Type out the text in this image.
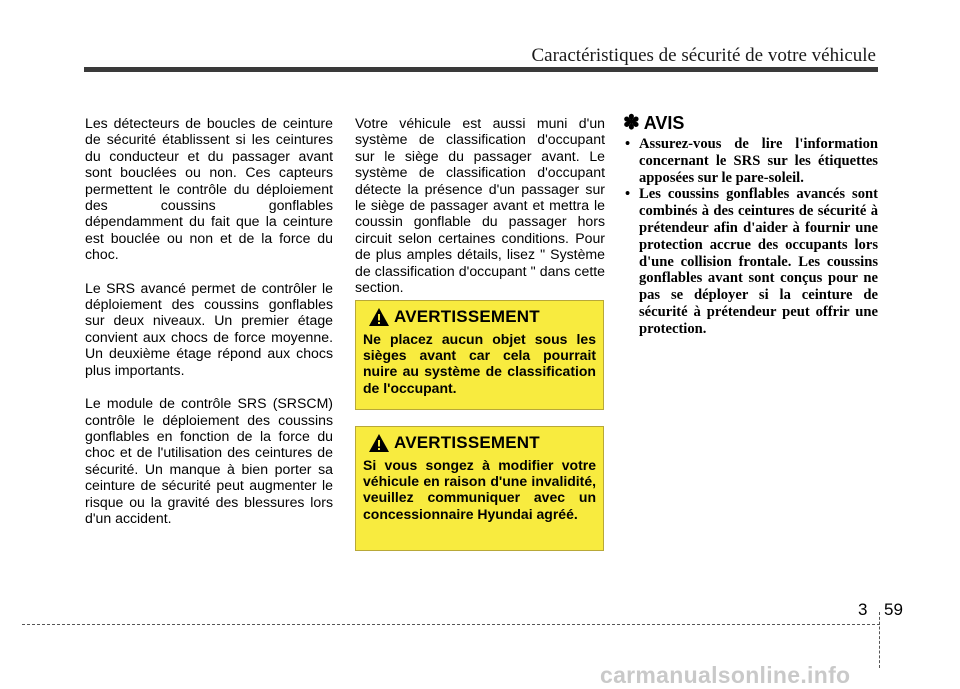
Caractéristiques de sécurité de votre véhicule

Les détecteurs de boucles de ceinture de sécurité établissent si les ceintures du conducteur et du passager avant sont bouclées ou non. Ces capteurs permettent le contrôle du déploiement des coussins gonflables dépendamment du fait que la ceinture est bouclée ou non et de la force du choc.

Le SRS avancé permet de contrôler le déploiement des coussins gonflables sur deux niveaux. Un premier étage convient aux chocs de force moyenne. Un deuxième étage répond aux chocs plus importants.

Le module de contrôle SRS (SRSCM) contrôle le déploiement des coussins gonflables en fonction de la force du choc et de l'utilisation des ceintures de sécurité. Un manque à bien porter sa ceinture de sécurité peut augmenter le risque ou la gravité des blessures lors d'un accident.

Votre véhicule est aussi muni d'un système de classification d'occupant sur le siège du passager avant. Le système de classification d'occupant détecte la présence d'un passager sur le siège de passager avant et mettra le coussin gonflable du passager hors circuit selon certaines conditions. Pour de plus amples détails, lisez " Système de classification d'occupant " dans cette section.

AVERTISSEMENT
Ne placez aucun objet sous les sièges avant car cela pourrait nuire au système de classification de l'occupant.
AVERTISSEMENT
Si vous songez à modifier votre véhicule en raison d'une invalidité, veuillez communiquer avec un concessionnaire Hyundai agréé.
✽ AVIS
• Assurez-vous de lire l'information concernant le SRS sur les étiquettes apposées sur le pare-soleil.
• Les coussins gonflables avancés sont combinés à des ceintures de sécurité à prétendeur afin d'aider à fournir une protection accrue des occupants lors d'une collision frontale. Les coussins gonflables avant sont conçus pour ne pas se déployer si la ceinture de sécurité à prétendeur peut offrir une protection.
3 59
carmanualsonline.info
